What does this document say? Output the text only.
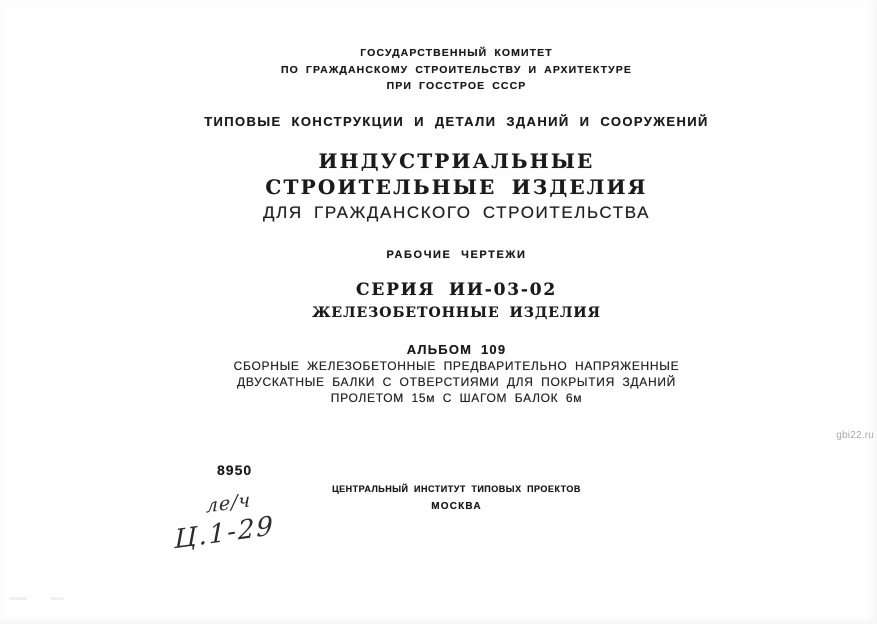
ГОСУДАРСТВЕННЫЙ КОМИТЕТ
ПО ГРАЖДАНСКОМУ СТРОИТЕЛЬСТВУ И АРХИТЕКТУРЕ
ПРИ ГОССТРОЕ СССР
ТИПОВЫЕ КОНСТРУКЦИИ И ДЕТАЛИ ЗДАНИЙ И СООРУЖЕНИЙ
ИНДУСТРИАЛЬНЫЕ
СТРОИТЕЛЬНЫЕ ИЗДЕЛИЯ
ДЛЯ ГРАЖДАНСКОГО СТРОИТЕЛЬСТВА
РАБОЧИЕ ЧЕРТЕЖИ
СЕРИЯ ИИ-03-02
ЖЕЛЕЗОБЕТОННЫЕ ИЗДЕЛИЯ
АЛЬБОМ 109
СБОРНЫЕ ЖЕЛЕЗОБЕТОННЫЕ ПРЕДВАРИТЕЛЬНО НАПРЯЖЕННЫЕ
ДВУСКАТНЫЕ БАЛКИ С ОТВЕРСТИЯМИ ДЛЯ ПОКРЫТИЯ ЗДАНИЙ
ПРОЛЕТОМ 15м С ШАГОМ БАЛОК 6м
8950
ЦЕНТРАЛЬНЫЙ ИНСТИТУТ ТИПОВЫХ ПРОЕКТОВ
МОСКВА
ле/ч
Ц.1-29
gbi22.ru
